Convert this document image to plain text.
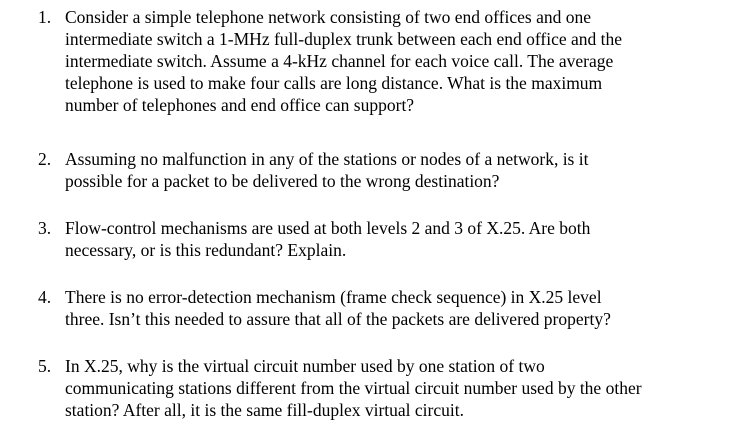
1. Consider a simple telephone network consisting of two end offices and one
intermediate switch a 1-MHz full-duplex trunk between each end office and the
intermediate switch. Assume a 4-kHz channel for each voice call. The average
telephone is used to make four calls are long distance. What is the maximum
number of telephones and end office can support?
2. Assuming no malfunction in any of the stations or nodes of a network, is it
possible for a packet to be delivered to the wrong destination?
3. Flow-control mechanisms are used at both levels 2 and 3 of X.25. Are both
necessary, or is this redundant? Explain.
4. There is no error-detection mechanism (frame check sequence) in X.25 level
three. Isn’t this needed to assure that all of the packets are delivered property?
5. In X.25, why is the virtual circuit number used by one station of two
communicating stations different from the virtual circuit number used by the other
station? After all, it is the same fill-duplex virtual circuit.
